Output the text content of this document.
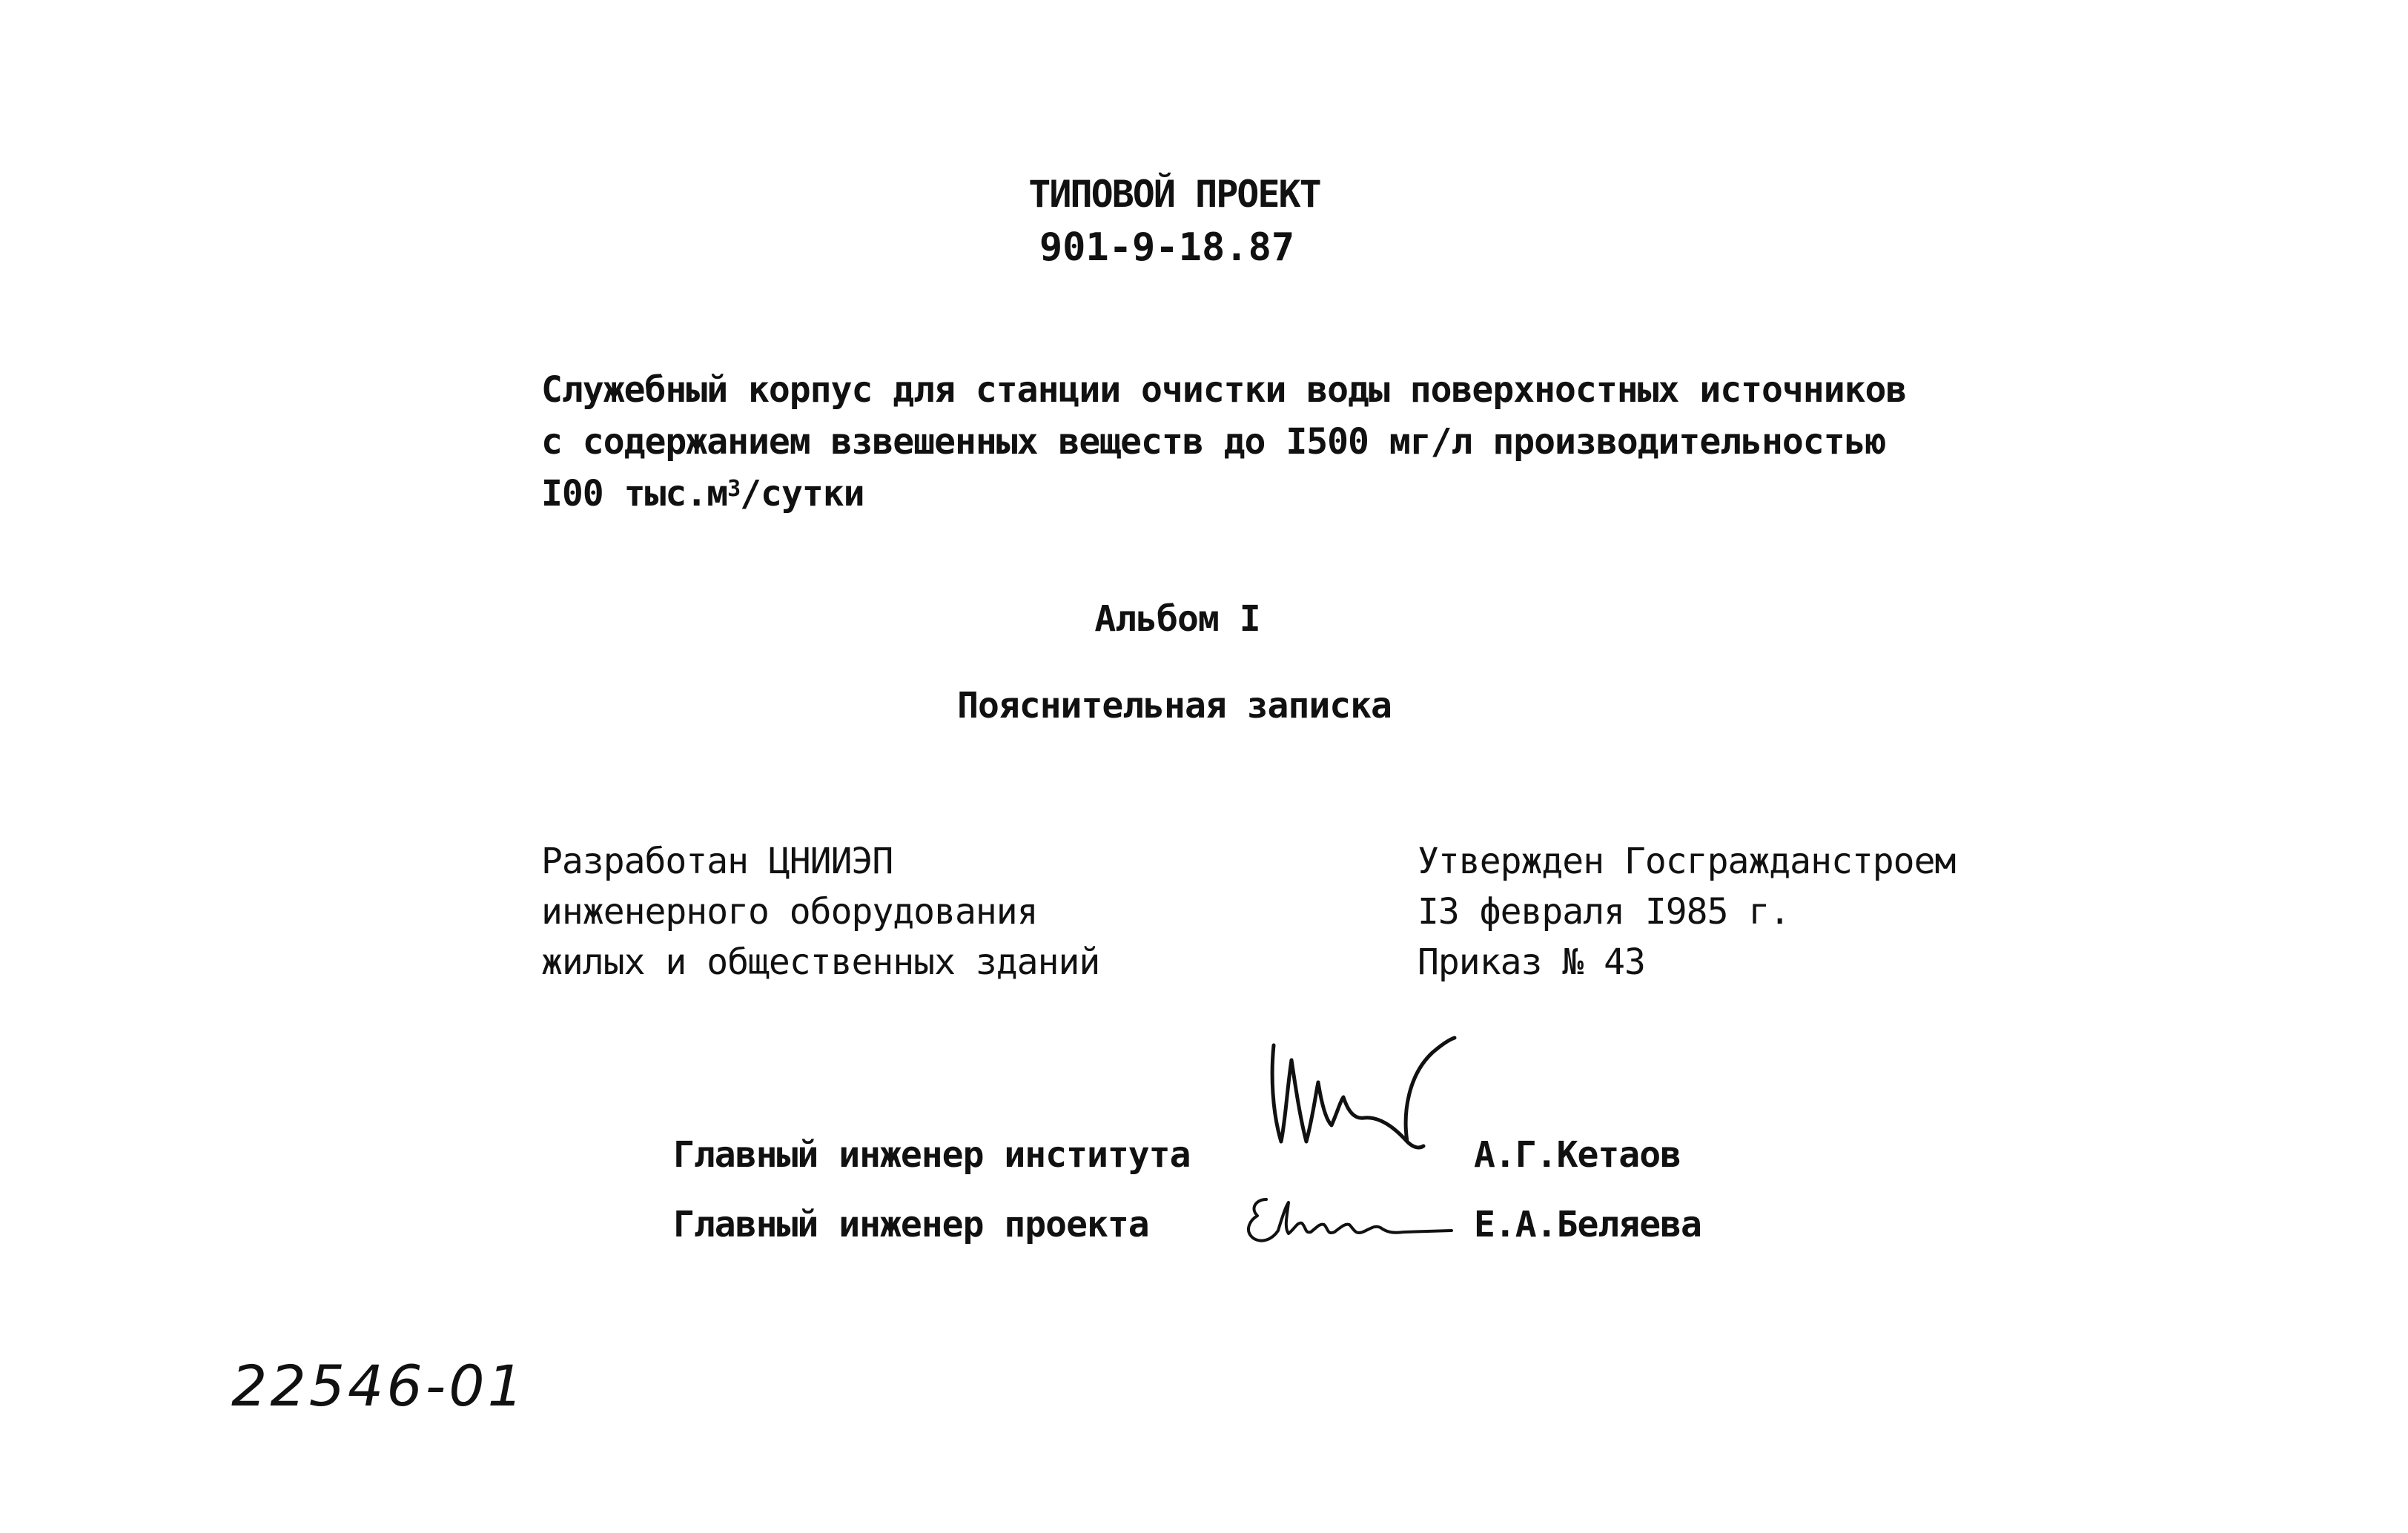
ТИПОВОЙ ПРОЕКТ
901-9-18.87
Служебный корпус для станции очистки воды поверхностных источников
с содержанием взвешенных веществ до I500 мг/л производительностью
I00 $тыс.м^3$/сутки
Альбом I
Пояснительная записка
Разработан ЦНИИЭП
инженерного оборудования
жилых и общественных зданий
Утвержден Госгражданстроем
I3 февраля I985 г.
Приказ № 43
Главный инженер института	А.Г.Кетаов
Главный инженер проекта	Е.А.Беляева
22546-01
